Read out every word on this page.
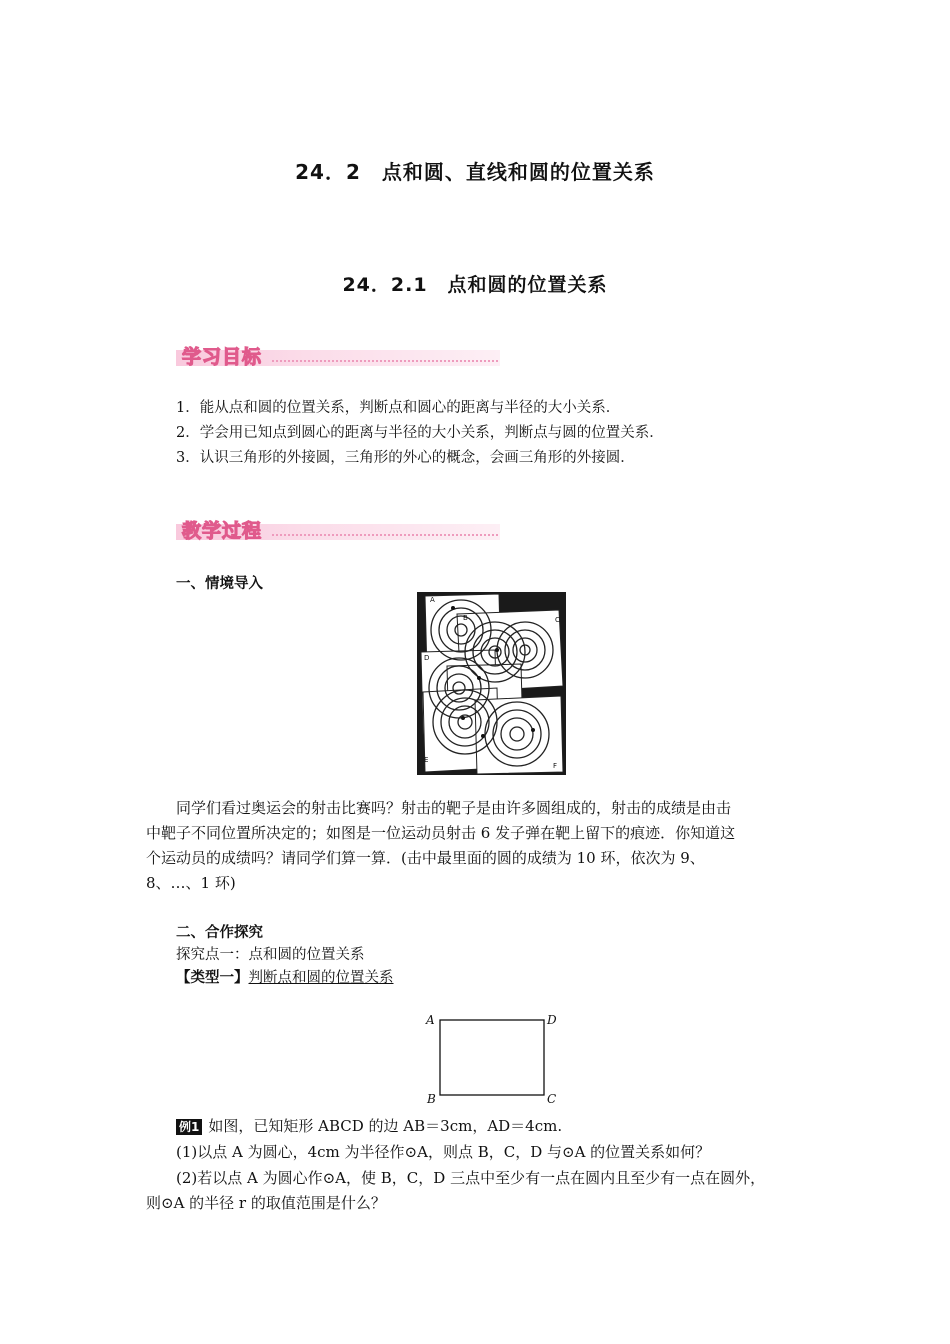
24．2　点和圆、直线和圆的位置关系
24．2.1　点和圆的位置关系
学习目标
1．能从点和圆的位置关系，判断点和圆心的距离与半径的大小关系．
2．学会用已知点到圆心的距离与半径的大小关系，判断点与圆的位置关系．
3．认识三角形的外接圆，三角形的外心的概念，会画三角形的外接圆．
教学过程
一、情境导入
A
B	C
D
E
F
同学们看过奥运会的射击比赛吗？射击的靶子是由许多圆组成的，射击的成绩是由击
中靶子不同位置所决定的；如图是一位运动员射击 6 发子弹在靶上留下的痕迹．你知道这
个运动员的成绩吗？请同学们算一算．(击中最里面的圆的成绩为 10 环，依次为 9、
8、…、1 环)
二、合作探究
探究点一：点和圆的位置关系
【类型一】判断点和圆的位置关系
A	D
B	C
例1 如图，已知矩形 ABCD 的边 AB＝3cm，AD＝4cm.
(1)以点 A 为圆心，4cm 为半径作⊙A，则点 B，C，D 与⊙A 的位置关系如何？
(2)若以点 A 为圆心作⊙A，使 B，C，D 三点中至少有一点在圆内且至少有一点在圆外，
则⊙A 的半径 r 的取值范围是什么？
